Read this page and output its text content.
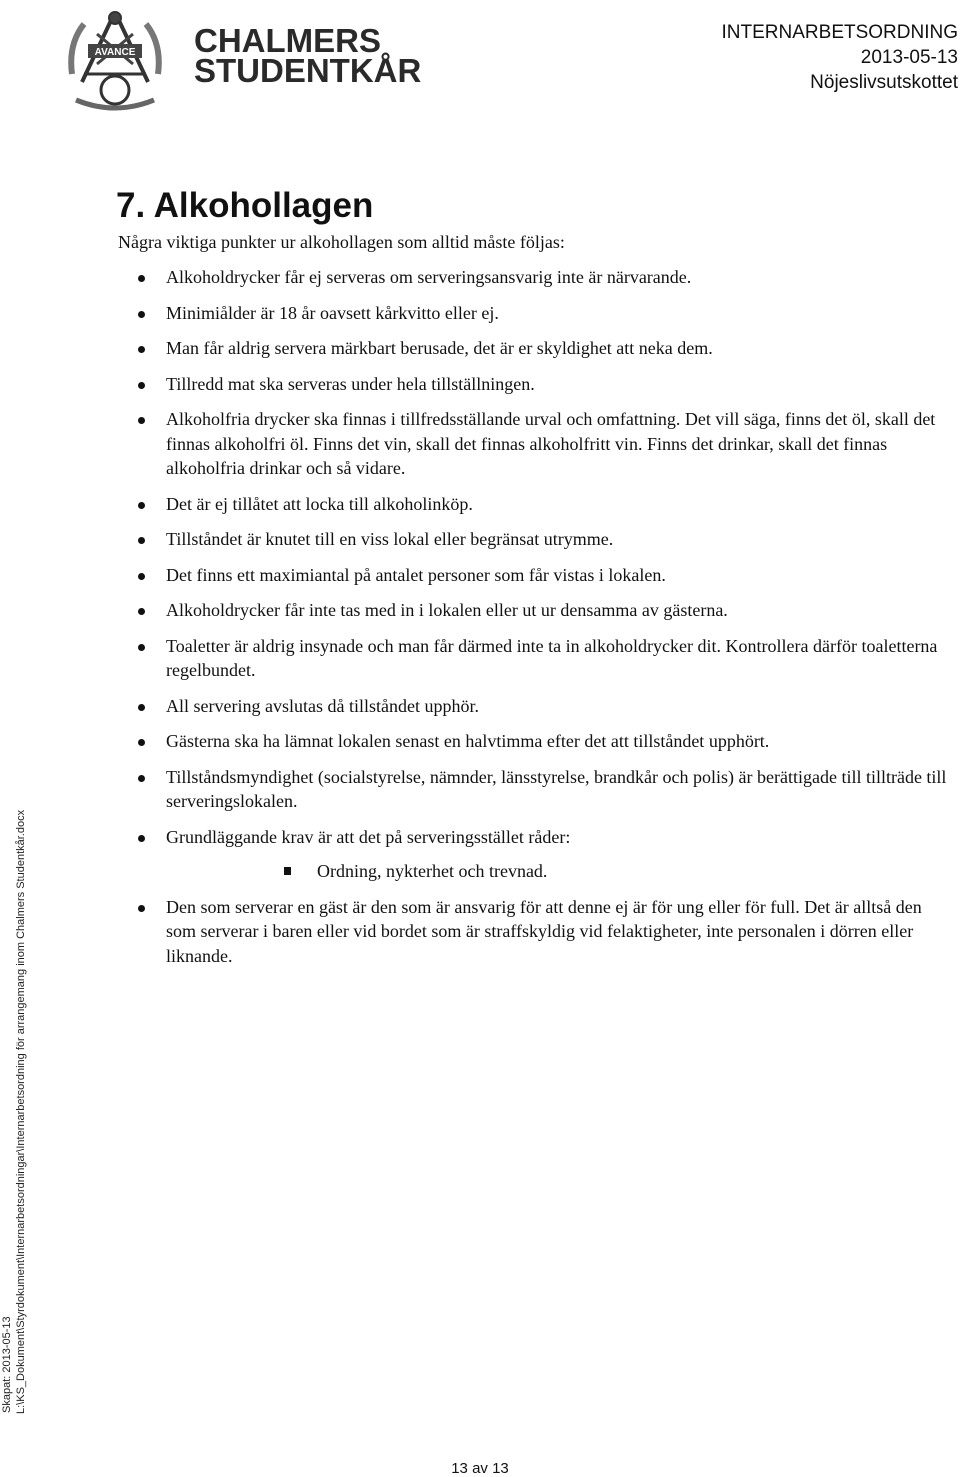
AVANCE CHALMERS
STUDENTKÅR
INTERNARBETSORDNING
2013-05-13
Nöjeslivsutskottet
7. Alkohollagen

Några viktiga punkter ur alkohollagen som alltid måste följas:

Alkoholdrycker får ej serveras om serveringsansvarig inte är närvarande.
Minimiålder är 18 år oavsett kårkvitto eller ej.
Man får aldrig servera märkbart berusade, det är er skyldighet att neka dem.
Tillredd mat ska serveras under hela tillställningen.
Alkoholfria drycker ska finnas i tillfredsställande urval och omfattning. Det vill säga, finns det öl, skall det finnas alkoholfri öl. Finns det vin, skall det finnas alkoholfritt vin. Finns det drinkar, skall det finnas alkoholfria drinkar och så vidare.
Det är ej tillåtet att locka till alkoholinköp.
Tillståndet är knutet till en viss lokal eller begränsat utrymme.
Det finns ett maximiantal på antalet personer som får vistas i lokalen.
Alkoholdrycker får inte tas med in i lokalen eller ut ur densamma av gästerna.
Toaletter är aldrig insynade och man får därmed inte ta in alkoholdrycker dit. Kontrollera därför toaletterna regelbundet.
All servering avslutas då tillståndet upphör.
Gästerna ska ha lämnat lokalen senast en halvtimma efter det att tillståndet upphört.
Tillståndsmyndighet (socialstyrelse, nämnder, länsstyrelse, brandkår och polis) är berättigade till tillträde till serveringslokalen.
Grundläggande krav är att det på serveringsstället råder:
Ordning, nykterhet och trevnad.
Den som serverar en gäst är den som är ansvarig för att denne ej är för ung eller för full. Det är alltså den som serverar i baren eller vid bordet som är straffskyldig vid felaktigheter, inte personalen i dörren eller liknande.
Skapat: 2013-05-13 L:\KS_Dokument\Styrdokument\Internarbetsordningar\Internarbetsordning för arrangemang inom Chalmers Studentkår.docx
13 av 13
